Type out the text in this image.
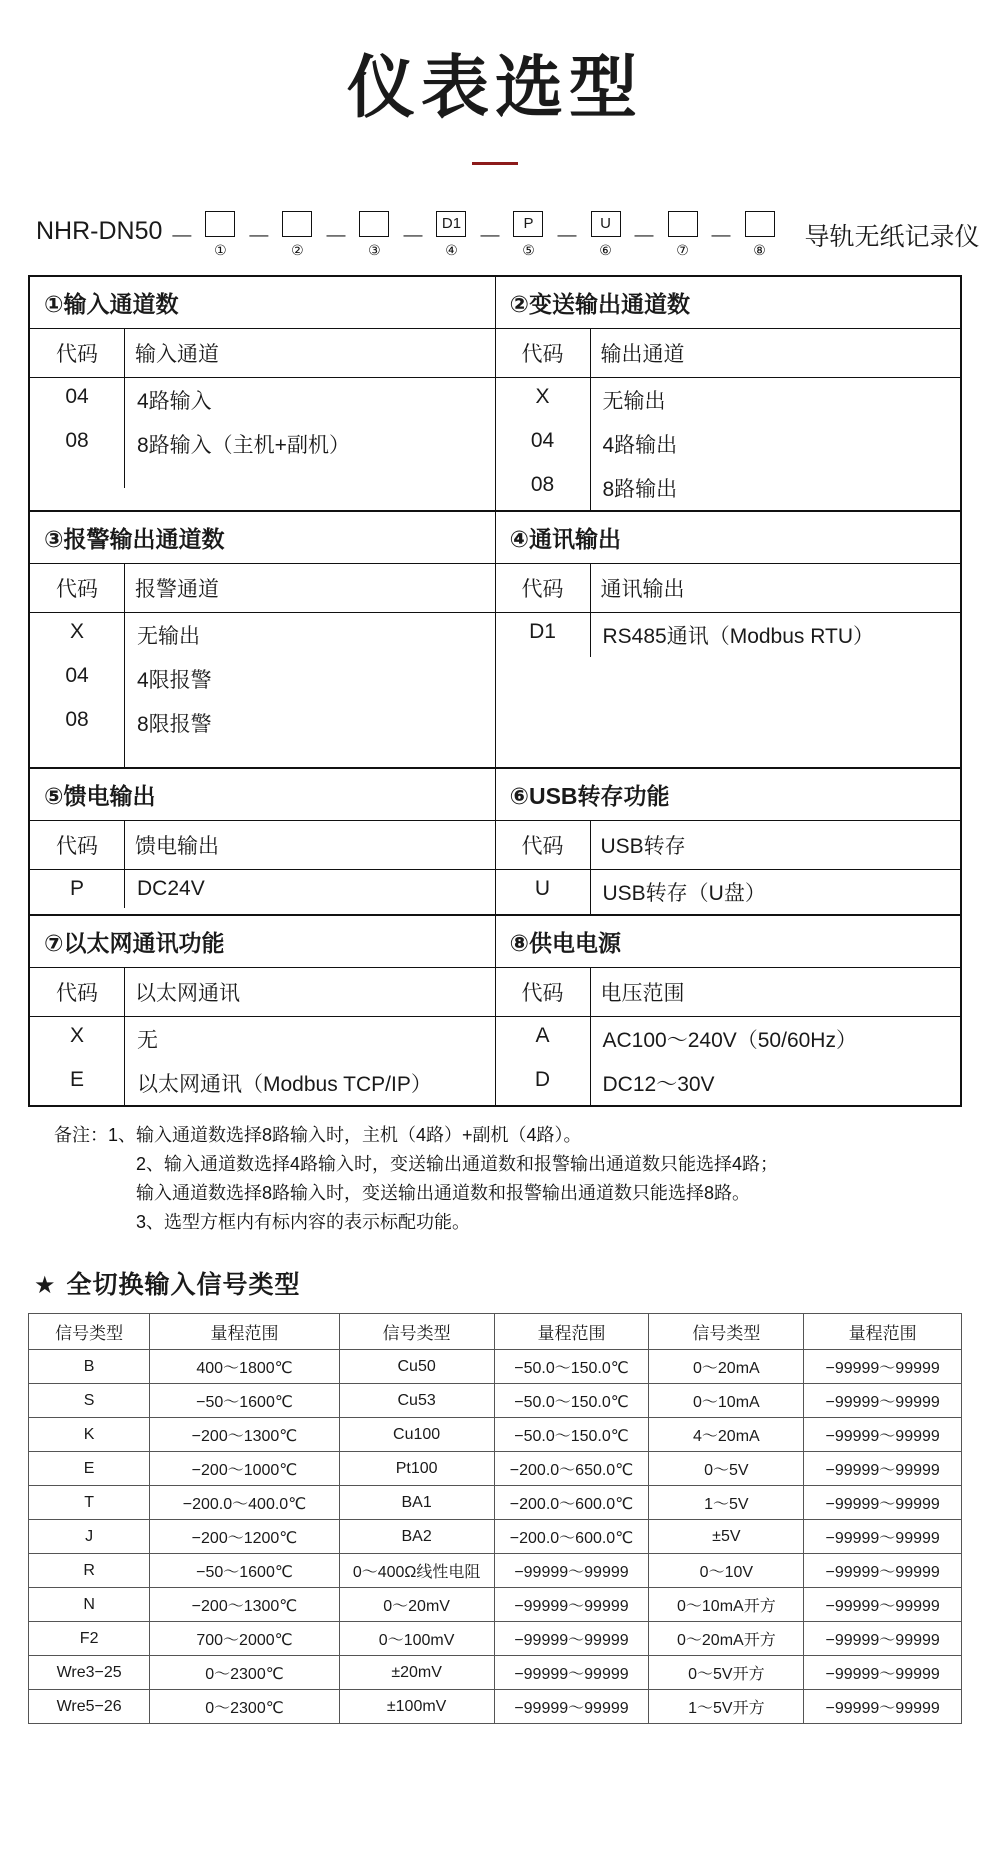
仪表选型
NHR-DN50 －	① －	② －	③ －	D1
④ －	P
⑤ －	U
⑥ －	⑦ －	⑧ 导轨无纸记录仪
①输入通道数
代码	输入通道
04	4路输入
08	8路输入（主机+副机）

②变送输出通道数
代码	输出通道
X	无输出
04	4路输出
08	8路输出

③报警输出通道数
代码	报警通道
X	无输出
04	4限报警
08	8限报警

④通讯输出
代码	通讯输出
D1	RS485通讯（Modbus RTU）

⑤馈电输出
代码	馈电输出
P	DC24V

⑥USB转存功能
代码	USB转存
U	USB转存（U盘）

⑦以太网通讯功能
代码	以太网通讯
X	无
E	以太网通讯（Modbus TCP/IP）

⑧供电电源
代码	电压范围
A	AC100～240V（50/60Hz）
D	DC12～30V
备注： 1、输入通道数选择8路输入时，主机（4路）+副机（4路）。
2、输入通道数选择4路输入时，变送输出通道数和报警输出通道数只能选择4路；
输入通道数选择8路输入时，变送输出通道数和报警输出通道数只能选择8路。
3、选型方框内有标内容的表示标配功能。
★ 全切换输入信号类型
信号类型	量程范围	信号类型	量程范围	信号类型	量程范围
B	400～1800℃	Cu50	−50.0～150.0℃	0～20mA	−99999～99999
S	−50～1600℃	Cu53	−50.0～150.0℃	0～10mA	−99999～99999
K	−200～1300℃	Cu100	−50.0～150.0℃	4～20mA	−99999～99999
E	−200～1000℃	Pt100	−200.0～650.0℃	0～5V	−99999～99999
T	−200.0～400.0℃	BA1	−200.0～600.0℃	1～5V	−99999～99999
J	−200～1200℃	BA2	−200.0～600.0℃	±5V	−99999～99999
R	−50～1600℃	0～400Ω线性电阻	−99999～99999	0～10V	−99999～99999
N	−200～1300℃	0～20mV	−99999～99999	0～10mA开方	−99999～99999
F2	700～2000℃	0～100mV	−99999～99999	0～20mA开方	−99999～99999
Wre3−25	0～2300℃	±20mV	−99999～99999	0～5V开方	−99999～99999
Wre5−26	0～2300℃	±100mV	−99999～99999	1～5V开方	−99999～99999
